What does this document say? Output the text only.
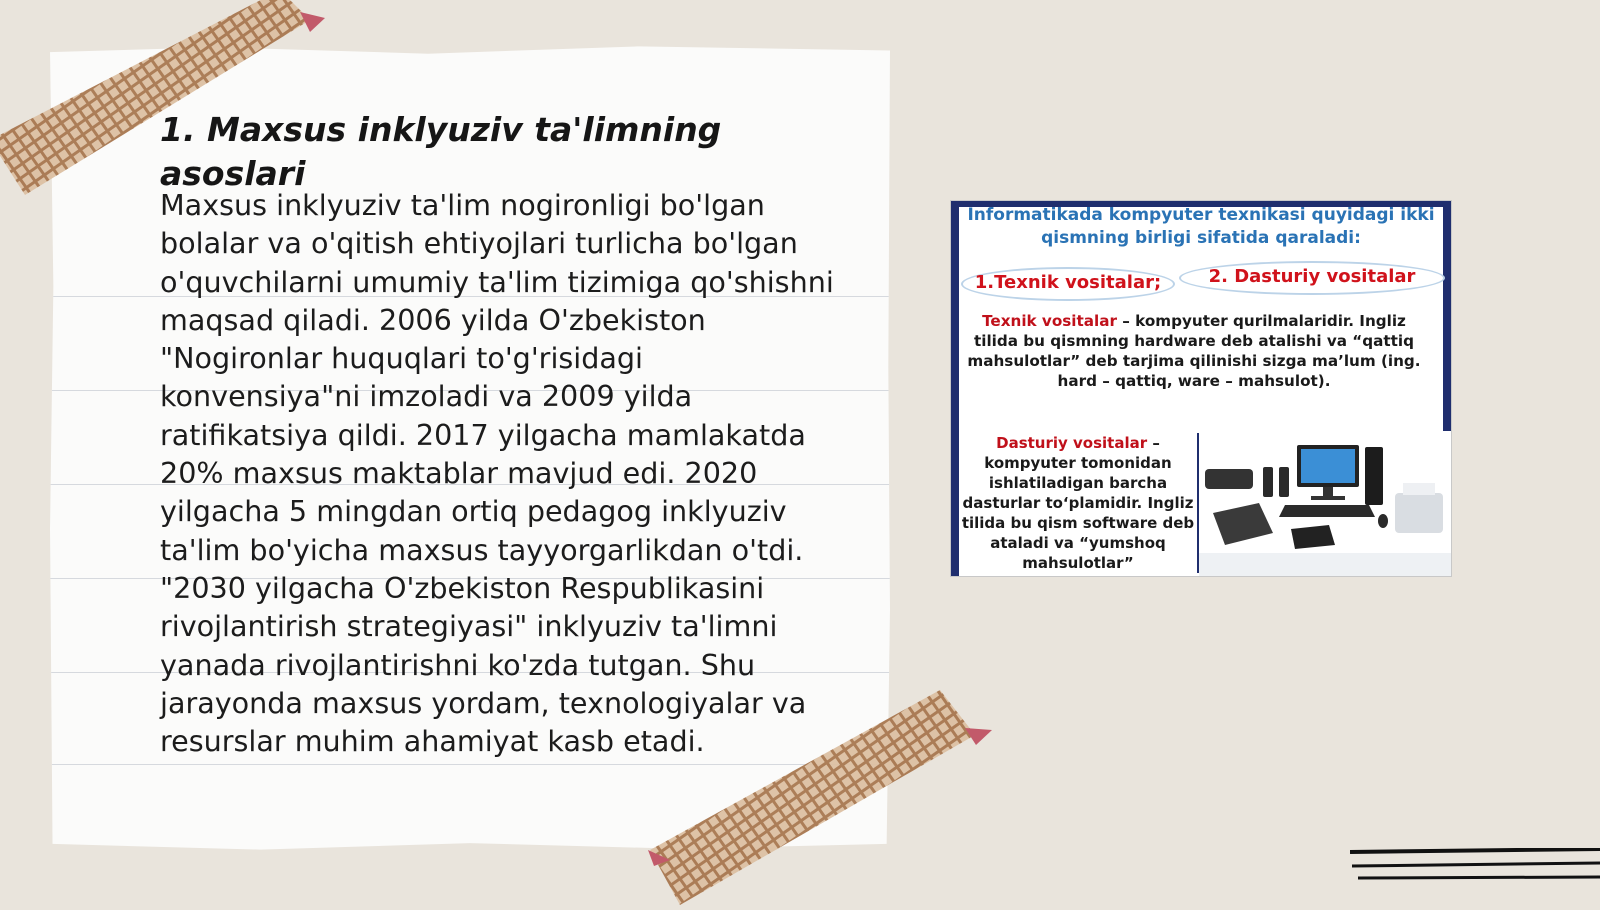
1. Maxsus inklyuziv ta'limning asoslari

Maxsus inklyuziv ta'lim nogironligi bo'lgan bolalar va o'qitish ehtiyojlari turlicha bo'lgan o'quvchilarni umumiy ta'lim tizimiga qo'shishni maqsad qiladi. 2006 yilda O'zbekiston "Nogironlar huquqlari to'g'risidagi konvensiya"ni imzoladi va 2009 yilda ratifikatsiya qildi. 2017 yilgacha mamlakatda 20% maxsus maktablar mavjud edi. 2020 yilgacha 5 mingdan ortiq pedagog inklyuziv ta'lim bo'yicha maxsus tayyorgarlikdan o'tdi. "2030 yilgacha O'zbekiston Respublikasini rivojlantirish strategiyasi" inklyuziv ta'limni yanada rivojlantirishni ko'zda tutgan. Shu jarayonda maxsus yordam, texnologiyalar va resurslar muhim ahamiyat kasb etadi.

Informatikada kompyuter texnikasi quyidagi ikki qismning birligi sifatida qaraladi:
1.Texnik vositalar;	2. Dasturiy vositalar
Texnik vositalar – kompyuter qurilmalaridir. Ingliz tilida bu qismning hardware deb atalishi va “qattiq mahsulotlar” deb tarjima qilinishi sizga ma’lum (ing. hard – qattiq, ware – mahsulot).
Dasturiy vositalar – kompyuter tomonidan ishlatiladigan barcha dasturlar to‘plamidir. Ingliz tilida bu qism software deb ataladi va “yumshoq mahsulotlar”
